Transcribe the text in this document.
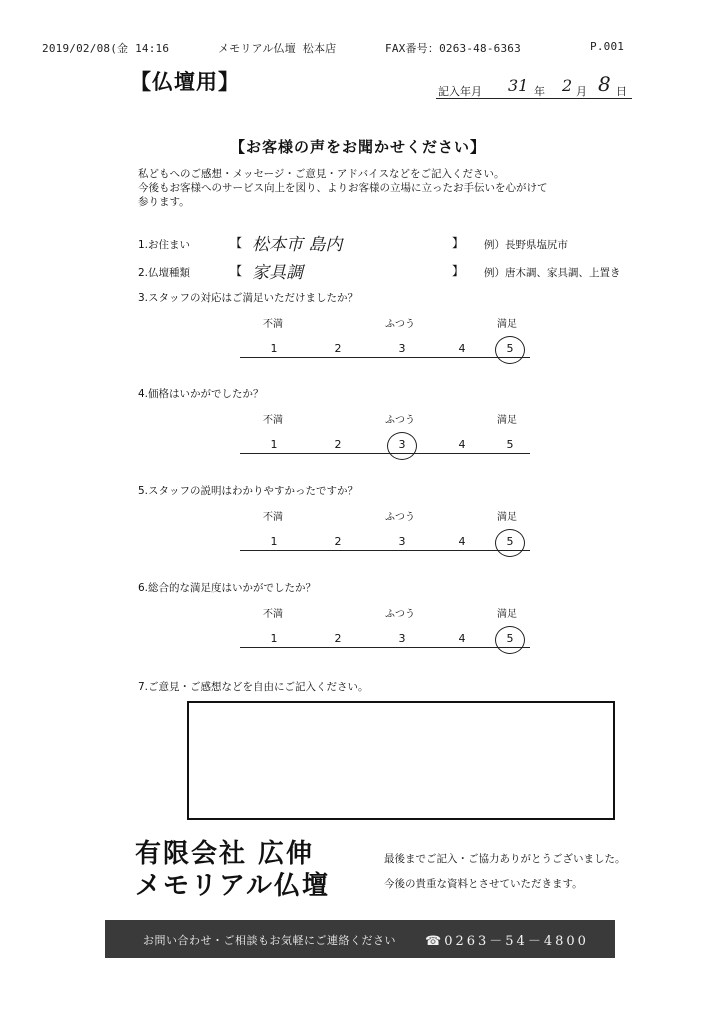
2019/02/08(金 14:16	メモリアル仏壇 松本店	FAX番号：0263-48-6363	P.001
【仏壇用】	記入年月 31 年 2 月 8 日
【お客様の声をお聞かせください】
私どもへのご感想・メッセージ・ご意見・アドバイスなどをご記入ください。
今後もお客様へのサービス向上を図り、よりお客様の立場に立ったお手伝いを心がけて
参ります。
1.お住まい	【 松本市 島内	】 例）長野県塩尻市
2.仏壇種類	【 家具調	】 例）唐木調、家具調、上置き
7.ご意見・ご感想などを自由にご記入ください。
有限会社 広伸
メモリアル仏壇
最後までご記入・ご協力ありがとうございました。
今後の貴重な資料とさせていただきます。
お問い合わせ・ご相談もお気軽にご連絡ください ☎0263－54－4800
3.スタッフの対応はご満足いただけましたか？
不満	ふつう	満足
1	2	3	4	5
4.価格はいかがでしたか？
不満	ふつう	満足
1	2	3	4	5
5.スタッフの説明はわかりやすかったですか？
不満	ふつう	満足
1	2	3	4	5
6.総合的な満足度はいかがでしたか？
不満	ふつう	満足
1	2	3	4	5
